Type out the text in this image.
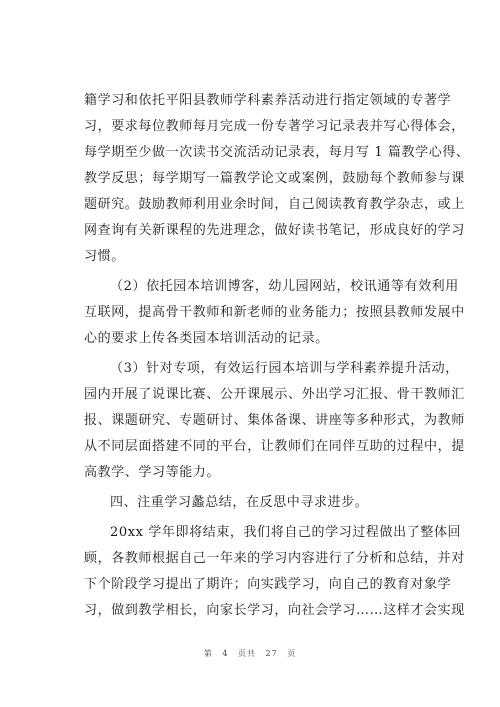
籍学习和依托平阳县教师学科素养活动进行指定领域的专著学
习，要求每位教师每月完成一份专著学习记录表并写心得体会，
每学期至少做一次读书交流活动记录表，每月写 1 篇教学心得、
教学反思；每学期写一篇教学论文或案例，鼓励每个教师参与课
题研究。鼓励教师利用业余时间，自己阅读教育教学杂志，或上
网查询有关新课程的先进理念，做好读书笔记，形成良好的学习
习惯。
（2）依托园本培训博客，幼儿园网站，校讯通等有效利用
互联网，提高骨干教师和新老师的业务能力；按照县教师发展中
心的要求上传各类园本培训活动的记录。
（3）针对专项，有效运行园本培训与学科素养提升活动，
园内开展了说课比赛、公开课展示、外出学习汇报、骨干教师汇
报、课题研究、专题研讨、集体备课、讲座等多种形式，为教师
从不同层面搭建不同的平台，让教师们在同伴互助的过程中，提
高教学、学习等能力。
四、注重学习蠡总结，在反思中寻求进步。
20xx 学年即将结束，我们将自己的学习过程做出了整体回
顾，各教师根据自己一年来的学习内容进行了分析和总结，并对
下个阶段学习提出了期许；向实践学习，向自己的教育对象学
习，做到教学相长，向家长学习，向社会学习……这样才会实现
第 4 页共 27 页
